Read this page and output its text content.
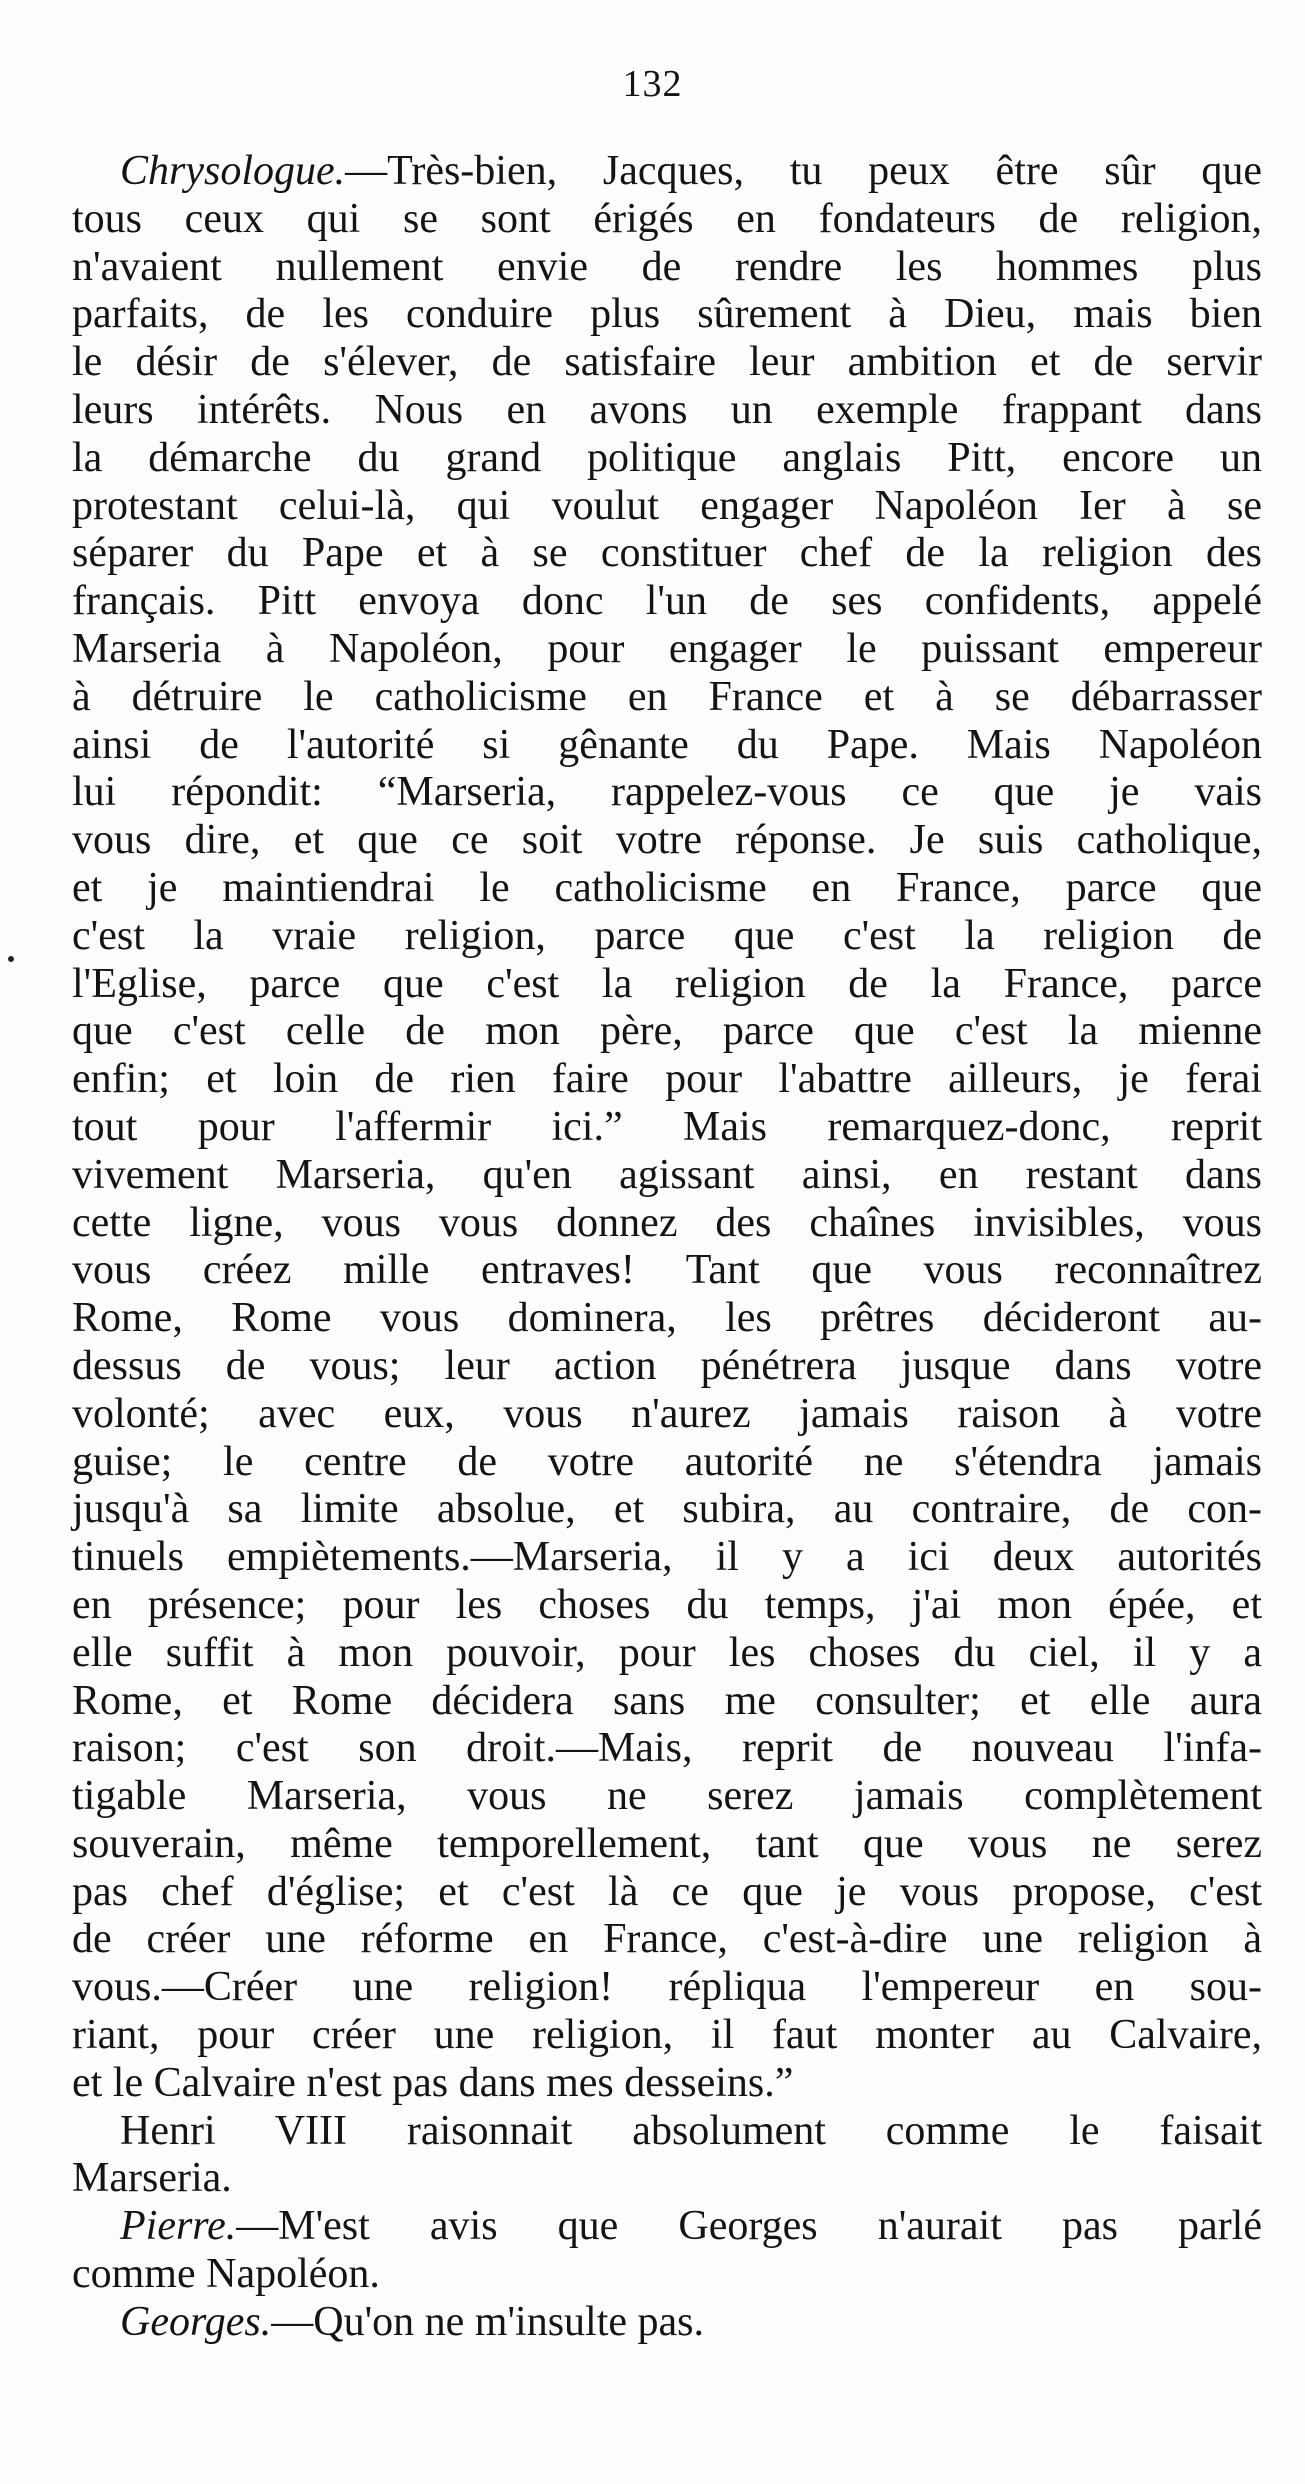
132
Chrysologue.—Très-bien, Jacques, tu peux être sûr que
tous ceux qui se sont érigés en fondateurs de religion,
n'avaient nullement envie de rendre les hommes plus
parfaits, de les conduire plus sûrement à Dieu, mais bien
le désir de s'élever, de satisfaire leur ambition et de servir
leurs intérêts. Nous en avons un exemple frappant dans
la démarche du grand politique anglais Pitt, encore un
protestant celui-là, qui voulut engager Napoléon Ier à se
séparer du Pape et à se constituer chef de la religion des
français. Pitt envoya donc l'un de ses confidents, appelé
Marseria à Napoléon, pour engager le puissant empereur
à détruire le catholicisme en France et à se débarrasser
ainsi de l'autorité si gênante du Pape. Mais Napoléon
lui répondit: “Marseria, rappelez-vous ce que je vais
vous dire, et que ce soit votre réponse. Je suis catholique,
et je maintiendrai le catholicisme en France, parce que
c'est la vraie religion, parce que c'est la religion de
l'Eglise, parce que c'est la religion de la France, parce
que c'est celle de mon père, parce que c'est la mienne
enfin; et loin de rien faire pour l'abattre ailleurs, je ferai
tout pour l'affermir ici.” Mais remarquez-donc, reprit
vivement Marseria, qu'en agissant ainsi, en restant dans
cette ligne, vous vous donnez des chaînes invisibles, vous
vous créez mille entraves! Tant que vous reconnaîtrez
Rome, Rome vous dominera, les prêtres décideront au-
dessus de vous; leur action pénétrera jusque dans votre
volonté; avec eux, vous n'aurez jamais raison à votre
guise; le centre de votre autorité ne s'étendra jamais
jusqu'à sa limite absolue, et subira, au contraire, de con-
tinuels empiètements.—Marseria, il y a ici deux autorités
en présence; pour les choses du temps, j'ai mon épée, et
elle suffit à mon pouvoir, pour les choses du ciel, il y a
Rome, et Rome décidera sans me consulter; et elle aura
raison; c'est son droit.—Mais, reprit de nouveau l'infa-
tigable Marseria, vous ne serez jamais complètement
souverain, même temporellement, tant que vous ne serez
pas chef d'église; et c'est là ce que je vous propose, c'est
de créer une réforme en France, c'est-à-dire une religion à
vous.—Créer une religion! répliqua l'empereur en sou-
riant, pour créer une religion, il faut monter au Calvaire,
et le Calvaire n'est pas dans mes desseins.”
Henri VIII raisonnait absolument comme le faisait
Marseria.
Pierre.—M'est avis que Georges n'aurait pas parlé
comme Napoléon.
Georges.—Qu'on ne m'insulte pas.
